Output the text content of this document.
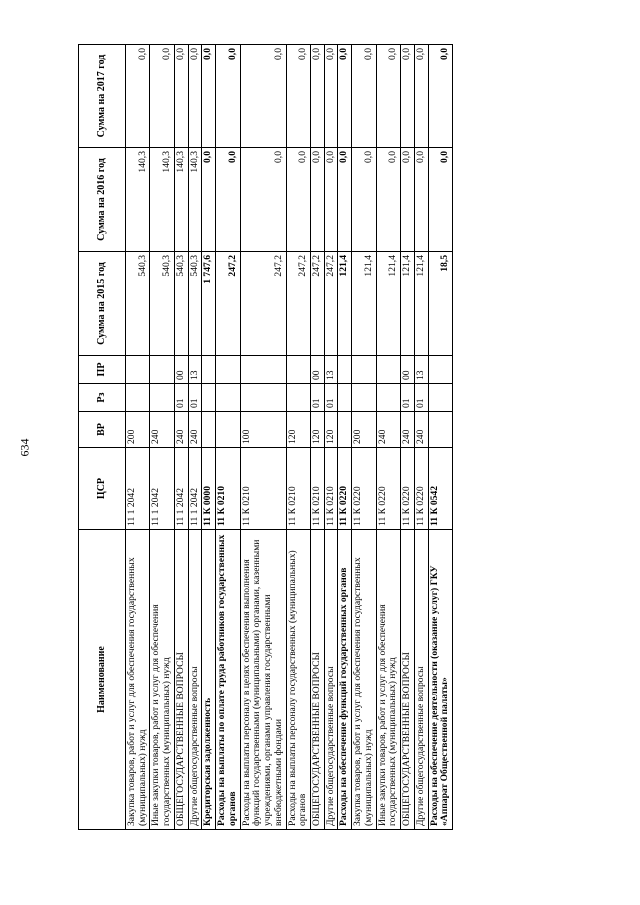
634
Наименование	ЦСР	ВР	Рз	ПР	Сумма на 2015 год	Сумма на 2016 год	Сумма на 2017 год
Закупка товаров, работ и услуг для обеспечения государственных (муниципальных) нужд	11 1 2042	200			540,3	140,3	0,0
Иные закупки товаров, работ и услуг для обеспечения государственных (муниципальных) нужд	11 1 2042	240			540,3	140,3	0,0
ОБЩЕГОСУДАРСТВЕННЫЕ ВОПРОСЫ	11 1 2042	240	01	00	540,3	140,3	0,0
Другие общегосударственные вопросы	11 1 2042	240	01	13	540,3	140,3	0,0
Кредиторская задолженность	11 К 0000				1 747,6	0,0	0,0
Расходы на выплаты по оплате труда работников государственных органов	11 К 0210				247,2	0,0	0,0
Расходы на выплаты персоналу в целях обеспечения выполнения функций государственными (муниципальными) органами, казенными учреждениями, органами управления государственными внебюджетными фондами	11 К 0210	100			247,2	0,0	0,0
Расходы на выплаты персоналу государственных (муниципальных) органов	11 К 0210	120			247,2	0,0	0,0
ОБЩЕГОСУДАРСТВЕННЫЕ ВОПРОСЫ	11 К 0210	120	01	00	247,2	0,0	0,0
Другие общегосударственные вопросы	11 К 0210	120	01	13	247,2	0,0	0,0
Расходы на обеспечение функций государственных органов	11 К 0220				121,4	0,0	0,0
Закупка товаров, работ и услуг для обеспечения государственных (муниципальных) нужд	11 К 0220	200			121,4	0,0	0,0
Иные закупки товаров, работ и услуг для обеспечения государственных (муниципальных) нужд	11 К 0220	240			121,4	0,0	0,0
ОБЩЕГОСУДАРСТВЕННЫЕ ВОПРОСЫ	11 К 0220	240	01	00	121,4	0,0	0,0
Другие общегосударственные вопросы	11 К 0220	240	01	13	121,4	0,0	0,0
Расходы на обеспечение деятельности (оказание услуг) ГКУ «Аппарат Общественной палаты»	11 К 0542				18,5	0,0	0,0
